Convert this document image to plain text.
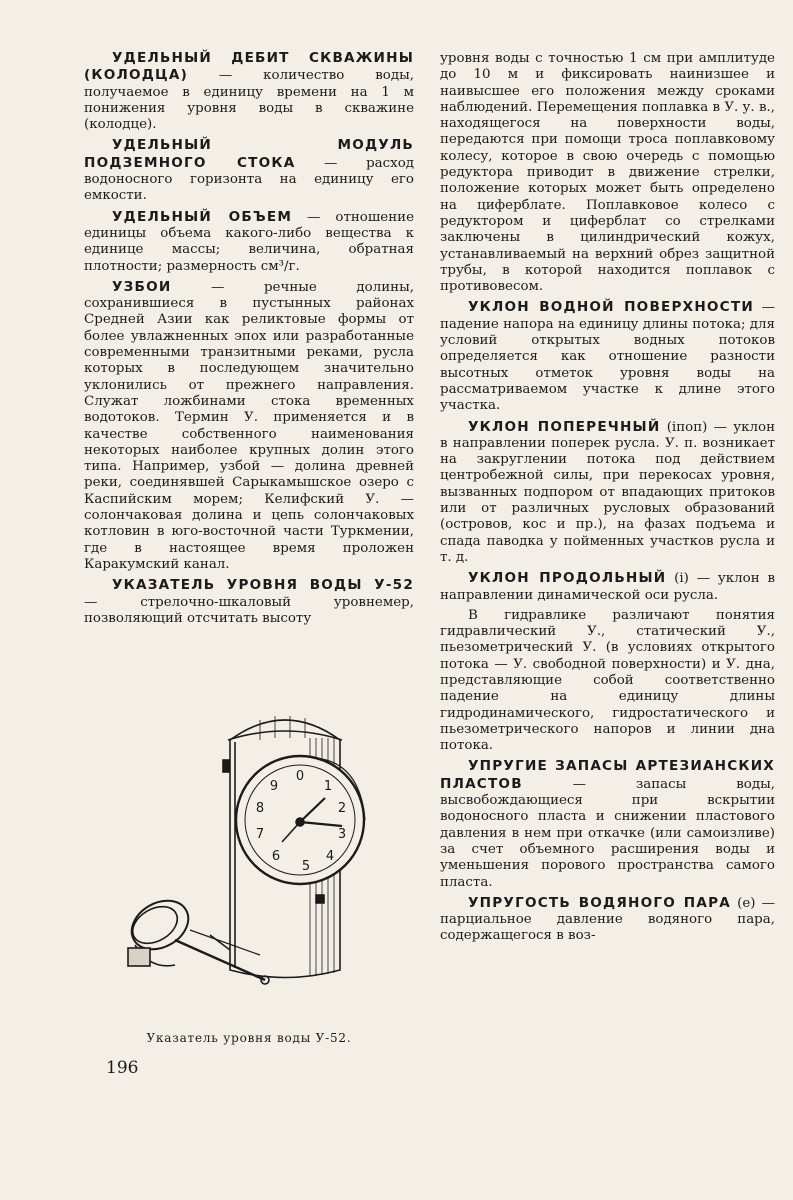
УДЕЛЬНЫЙ ДЕБИТ СКВАЖИНЫ (КОЛОДЦА) — количество воды, получаемое в единицу времени на 1 м понижения уровня воды в скважине (колодце).

УДЕЛЬНЫЙ МОДУЛЬ ПОДЗЕМНОГО СТОКА — расход водоносного горизонта на единицу его емкости.

УДЕЛЬНЫЙ ОБЪЕМ — отношение единицы объема какого-либо вещества к единице массы; величина, обратная плотности; размерность см³/г.

УЗБОИ — речные долины, сохранившиеся в пустынных районах Средней Азии как реликтовые формы от более увлажненных эпох или разработанные современными транзитными реками, русла которых в последующем значительно уклонились от прежнего направления. Служат ложбинами стока временных водотоков. Термин У. применяется и в качестве собственного наименования некоторых наиболее крупных долин этого типа. Например, узбой — долина древней реки, соединявшей Сарыкамышское озеро с Каспийским морем; Келифский У. — солончаковая долина и цепь солончаковых котловин в юго-восточной части Туркмении, где в настоящее время проложен Каракумский канал.

УКАЗАТЕЛЬ УРОВНЯ ВОДЫ У-52 — стрелочно-шкаловый уровнемер, позволяющий отсчитать высоту

0
1
2
3
4
5
6
7
8
9
Указатель уровня воды У-52.
196

уровня воды с точностью 1 см при амплитуде до 10 м и фиксировать наинизшее и наивысшее его положения между сроками наблюдений. Перемещения поплавка в У. у. в., находящегося на поверхности воды, передаются при помощи троса поплавковому колесу, которое в свою очередь с помощью редуктора приводит в движение стрелки, положение которых может быть определено на циферблате. Поплавковое колесо с редуктором и циферблат со стрелками заключены в цилиндрический кожух, устанавливаемый на верхний обрез защитной трубы, в которой находится поплавок с противовесом.

УКЛОН ВОДНОЙ ПОВЕРХНОСТИ — падение напора на единицу длины потока; для условий открытых водных потоков определяется как отношение разности высотных отметок уровня воды на рассматриваемом участке к длине этого участка.

УКЛОН ПОПЕРЕЧНЫЙ (iпоп) — уклон в направлении поперек русла. У. п. возникает на закруглении потока под действием центробежной силы, при перекосах уровня, вызванных подпором от впадающих притоков или от различных русловых образований (островов, кос и пр.), на фазах подъема и спада паводка у пойменных участков русла и т. д.

УКЛОН ПРОДОЛЬНЫЙ (i) — уклон в направлении динамической оси русла.

В гидравлике различают понятия гидравлический У., статический У., пьезометрический У. (в условиях открытого потока — У. свободной поверхности) и У. дна, представляющие собой соответственно падение на единицу длины гидродинамического, гидростатического и пьезометрического напоров и линии дна потока.

УПРУГИЕ ЗАПАСЫ АРТЕЗИАНСКИХ ПЛАСТОВ — запасы воды, высвобождающиеся при вскрытии водоносного пласта и снижении пластового давления в нем при откачке (или самоизливе) за счет объемного расширения воды и уменьшения порового пространства самого пласта.

УПРУГОСТЬ ВОДЯНОГО ПАРА (е) — парциальное давление водяного пара, содержащегося в воз-
